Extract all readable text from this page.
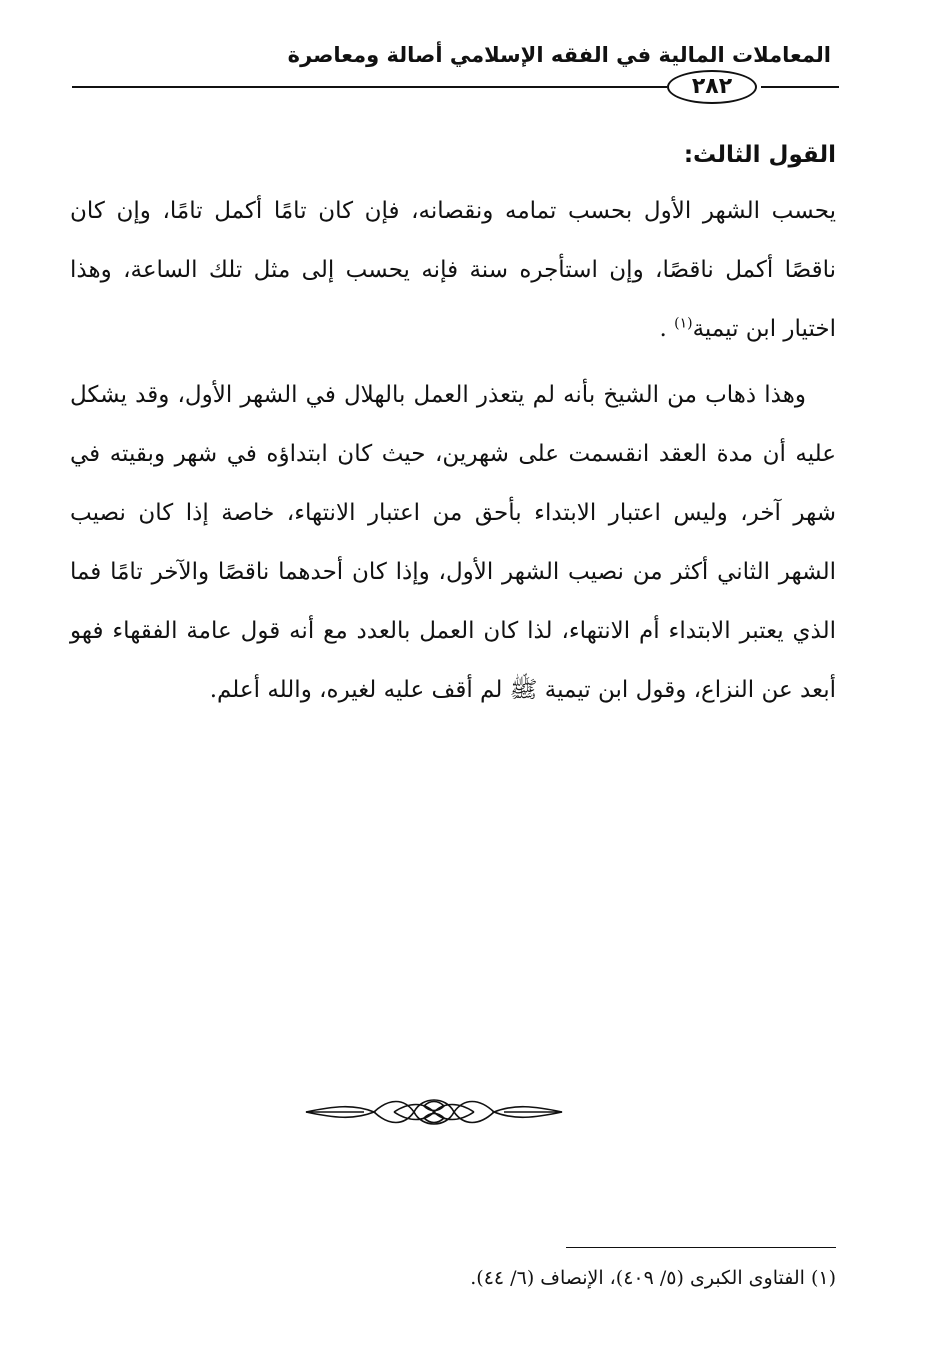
المعاملات المالية في الفقه الإسلامي أصالة ومعاصرة
٢٨٢
القول الثالث:

يحسب الشهر الأول بحسب تمامه ونقصانه، فإن كان تامًا أكمل تامًا، وإن كان ناقصًا أكمل ناقصًا، وإن استأجره سنة فإنه يحسب إلى مثل تلك الساعة، وهذا اختيار ابن تيمية$^{(١)}$ .

وهذا ذهاب من الشيخ بأنه لم يتعذر العمل بالهلال في الشهر الأول، وقد يشكل عليه أن مدة العقد انقسمت على شهرين، حيث كان ابتداؤه في شهر وبقيته في شهر آخر، وليس اعتبار الابتداء بأحق من اعتبار الانتهاء، خاصة إذا كان نصيب الشهر الثاني أكثر من نصيب الشهر الأول، وإذا كان أحدهما ناقصًا والآخر تامًا فما الذي يعتبر الابتداء أم الانتهاء، لذا كان العمل بالعدد مع أنه قول عامة الفقهاء فهو أبعد عن النزاع، وقول ابن تيمية ﷺ لم أقف عليه لغيره، والله أعلم.

(١) الفتاوى الكبرى (٥/ ٤٠٩)، الإنصاف (٦/ ٤٤).
